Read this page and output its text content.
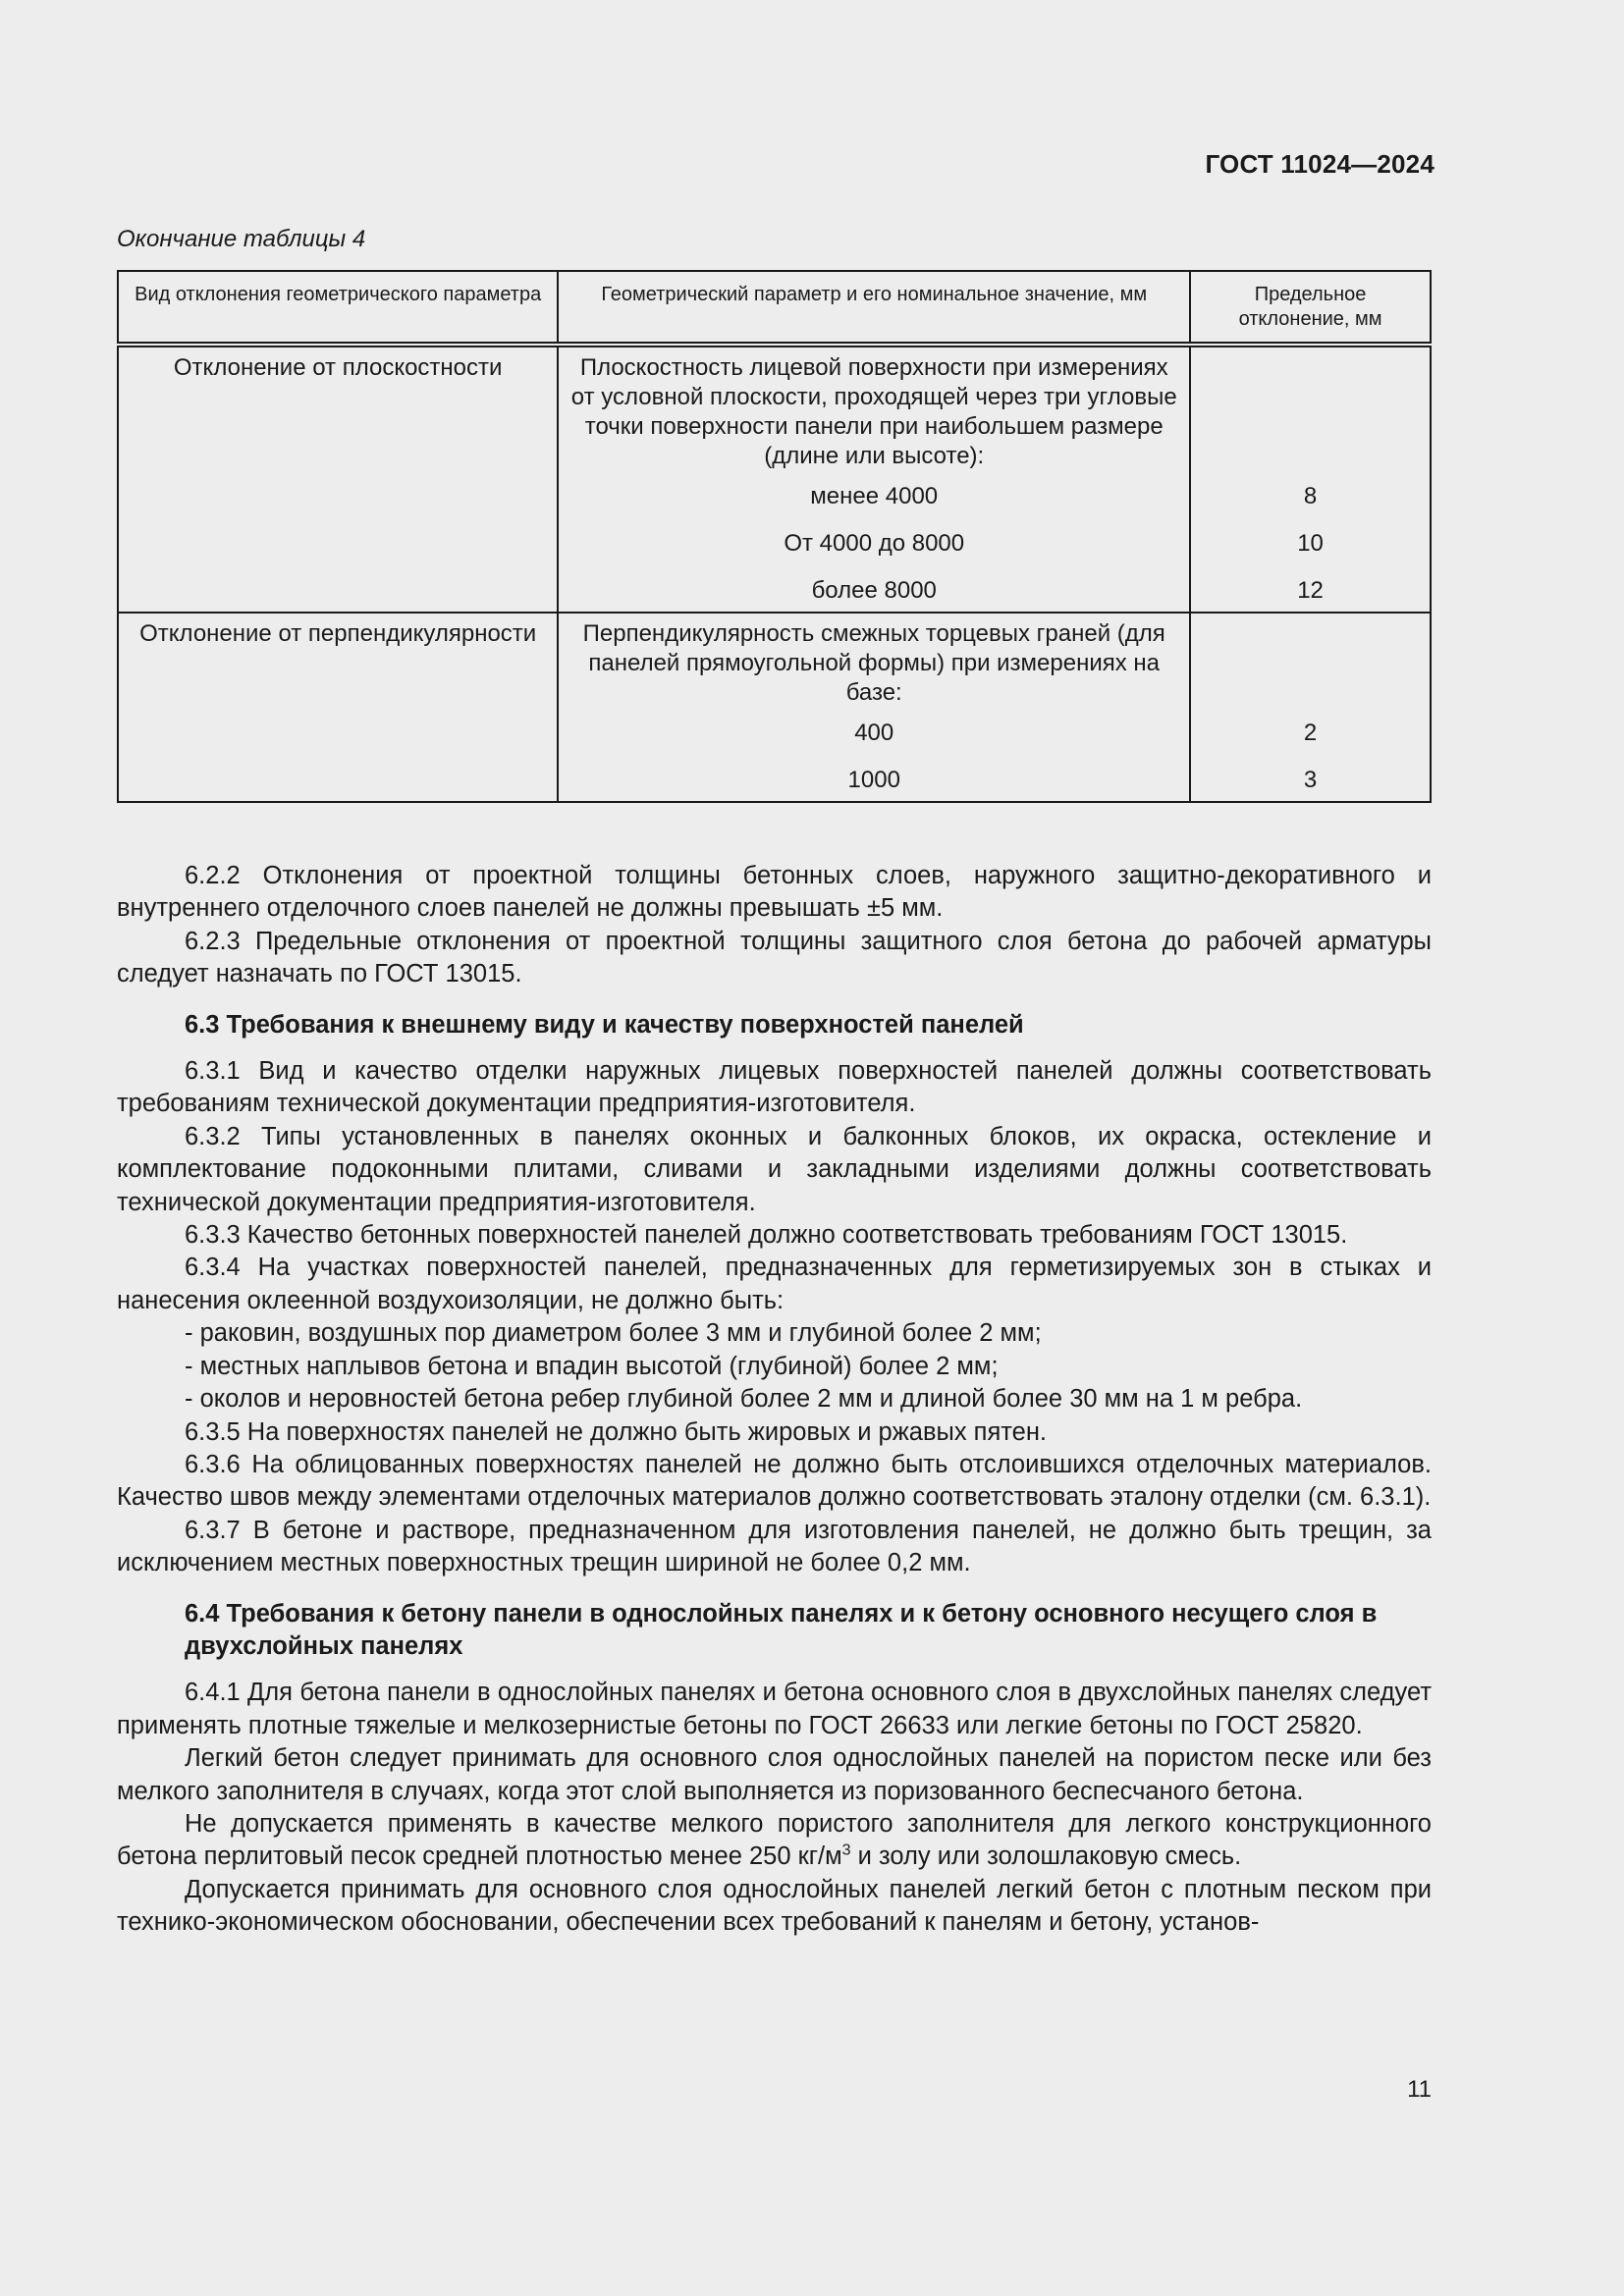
ГОСТ 11024—2024
Окончание таблицы 4
Вид отклонения геометрического параметра	Геометрический параметр и его номинальное значение, мм	Предельное отклонение, мм
Отклонение от плоскостности	Плоскостность лицевой поверхности при измерениях от условной плоскости, проходящей через три угловые точки поверхности панели при наибольшем размере (длине или высоте):	
	менее 4000	8
	От 4000 до 8000	10
	более 8000	12
Отклонение от перпендикулярности	Перпендикулярность смежных торцевых граней (для панелей прямоугольной формы) при измерениях на базе:	
	400	2
	1000	3

6.2.2 Отклонения от проектной толщины бетонных слоев, наружного защитно-декоративного и внутреннего отделочного слоев панелей не должны превышать ±5 мм.

6.2.3 Предельные отклонения от проектной толщины защитного слоя бетона до рабочей арматуры следует назначать по ГОСТ 13015.

6.3 Требования к внешнему виду и качеству поверхностей панелей

6.3.1 Вид и качество отделки наружных лицевых поверхностей панелей должны соответствовать требованиям технической документации предприятия-изготовителя.

6.3.2 Типы установленных в панелях оконных и балконных блоков, их окраска, остекление и комплектование подоконными плитами, сливами и закладными изделиями должны соответствовать технической документации предприятия-изготовителя.

6.3.3 Качество бетонных поверхностей панелей должно соответствовать требованиям ГОСТ 13015.

6.3.4 На участках поверхностей панелей, предназначенных для герметизируемых зон в стыках и нанесения оклеенной воздухоизоляции, не должно быть:

- раковин, воздушных пор диаметром более 3 мм и глубиной более 2 мм;

- местных наплывов бетона и впадин высотой (глубиной) более 2 мм;

- околов и неровностей бетона ребер глубиной более 2 мм и длиной более 30 мм на 1 м ребра.

6.3.5 На поверхностях панелей не должно быть жировых и ржавых пятен.

6.3.6 На облицованных поверхностях панелей не должно быть отслоившихся отделочных материалов. Качество швов между элементами отделочных материалов должно соответствовать эталону отделки (см. 6.3.1).

6.3.7 В бетоне и растворе, предназначенном для изготовления панелей, не должно быть трещин, за исключением местных поверхностных трещин шириной не более 0,2 мм.

6.4 Требования к бетону панели в однослойных панелях и к бетону основного несущего слоя в двухслойных панелях

6.4.1 Для бетона панели в однослойных панелях и бетона основного слоя в двухслойных панелях следует применять плотные тяжелые и мелкозернистые бетоны по ГОСТ 26633 или легкие бетоны по ГОСТ 25820.

Легкий бетон следует принимать для основного слоя однослойных панелей на пористом песке или без мелкого заполнителя в случаях, когда этот слой выполняется из поризованного беспесчаного бетона.

Не допускается применять в качестве мелкого пористого заполнителя для легкого конструкционного бетона перлитовый песок средней плотностью менее 250 $кг/м^3$ и золу или золошлаковую смесь.

Допускается принимать для основного слоя однослойных панелей легкий бетон с плотным песком при технико-экономическом обосновании, обеспечении всех требований к панелям и бетону, установ-

11
